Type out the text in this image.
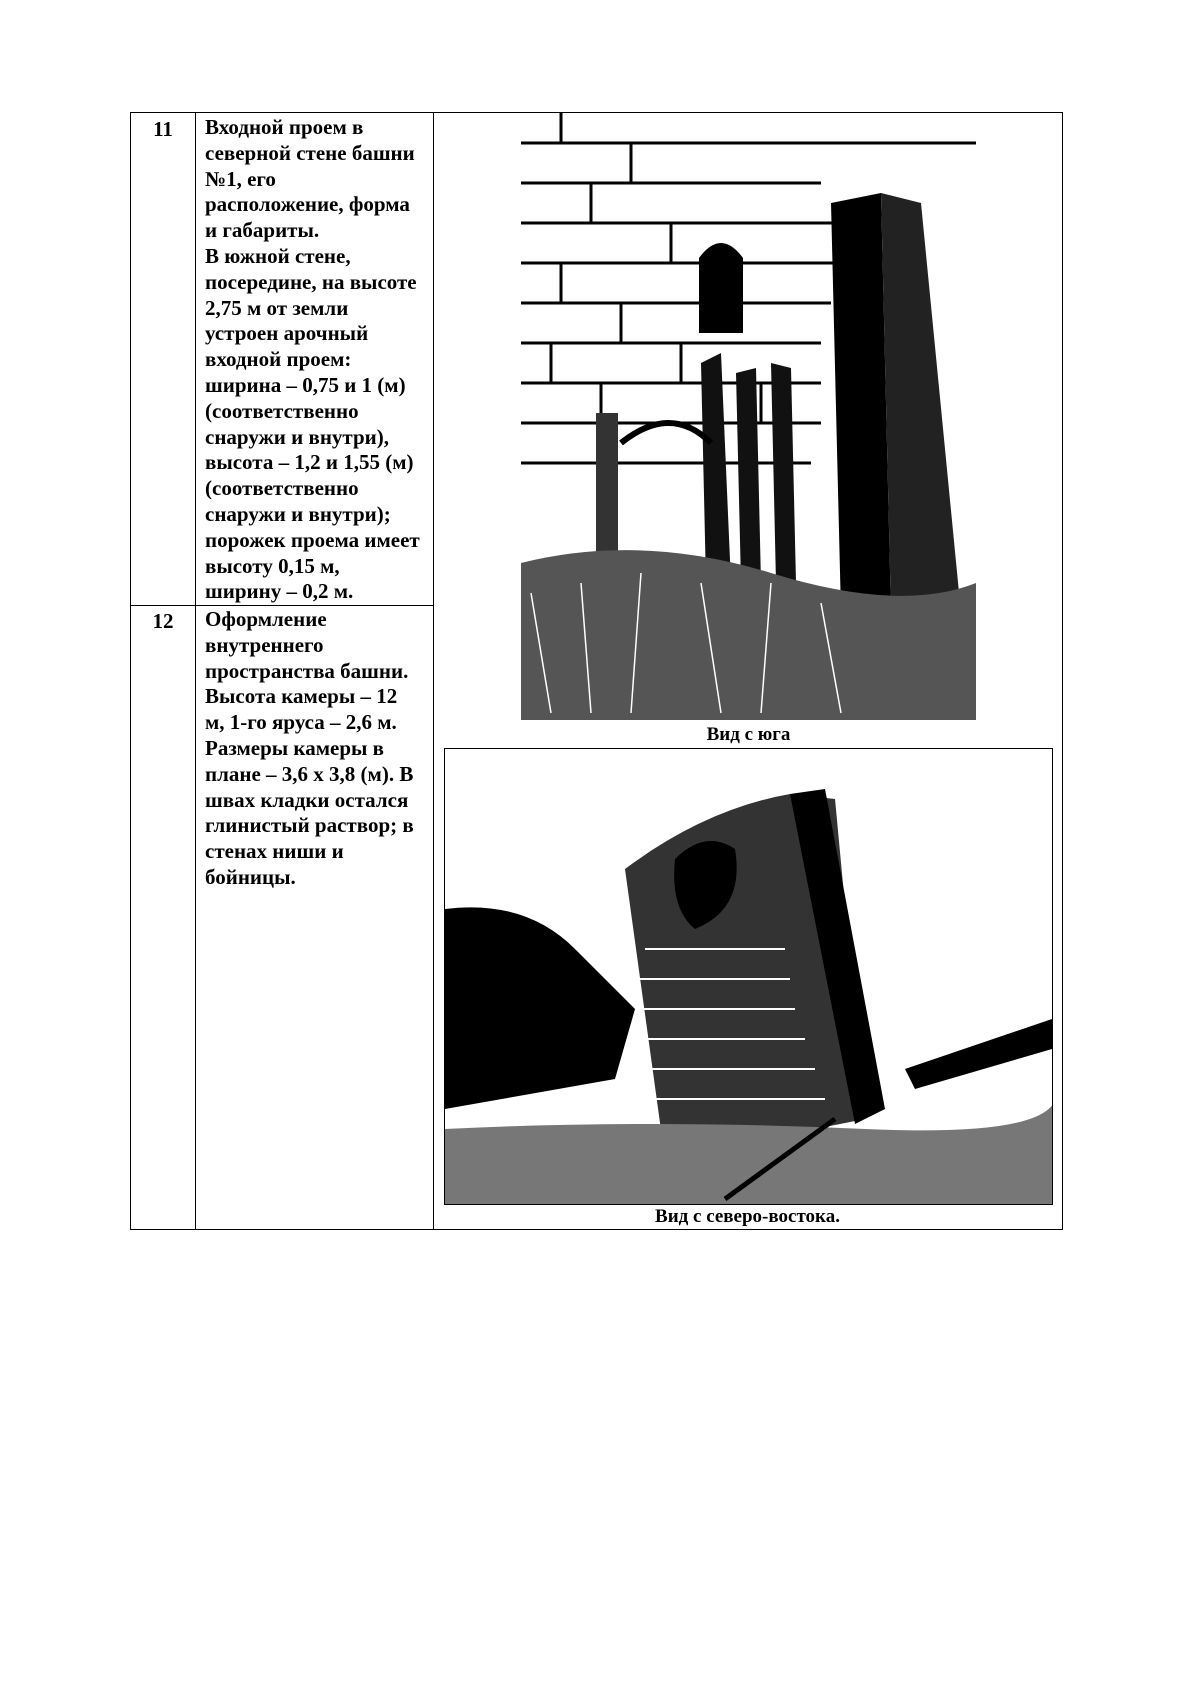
11	Входной проем в
северной стене башни
№1, его
расположение, форма
и габариты.
В южной стене,
посередине, на высоте
2,75 м от земли
устроен арочный
входной проем:
ширина – 0,75 и 1 (м)
(соответственно
снаружи и внутри),
высота – 1,2 и 1,55 (м)
(соответственно
снаружи и внутри);
порожек проема имеет
высоту 0,15 м,
ширину – 0,2 м.
12	Оформление
внутреннего
пространства башни.
Высота камеры – 12
м, 1-го яруса – 2,6 м.
Размеры камеры в
плане – 3,6 х 3,8 (м). В
швах кладки остался
глинистый раствор; в
стенах ниши и
бойницы.
Вид с юга
Вид с северо-востока.
